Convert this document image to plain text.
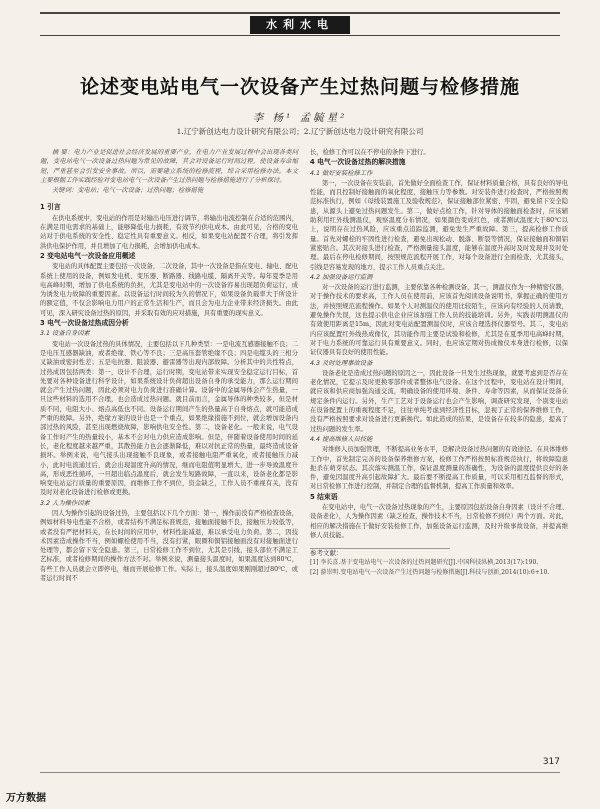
水利水电
论述变电站电气一次设备产生过热问题与检修措施
李 杨¹ 孟毓星²
1.辽宁新创达电力设计研究有限公司；2.辽宁新创达电力设计研究有限公司

摘 要：电力产业是促进社会经济发展的重要产业，在电力产业发展过程中会出现各类问题，变电站电气一次设备过热问题为常见的故障，其会对设备运行时间过程，使设备寿命缩短，严重甚至会引发安全事故。所以，需要建立系统的检修流程，综合采用检修办法。本文主要根据工作实践经验对变电站电气一次设备产生过热问题与检修措施进行了分析探讨。

关键词：变电站；电气一次设备；过热问题；检修措施

1 引言

在供电系统中，变电站的作用是对输出电压进行调节，将输出电流控制在合适的范围内，在满足用电需求的基础上，能够降低电力损耗，有效节约供电成本。由此可见，合格的变电站对于供电系统的安全性、稳定性具有重要意义。相反，如果变电站配置不合理，将引发挥洪供电保护作用，并且增加了电力损耗，会增加供电成本。

2 变电站电气一次设备应用概述

变电站的具体配置主要包括一次设备，二次设备，其中一次设备是指在变电、输电、配电系统上使用的设备，例如发电机、变压器、断路器、线路电缆、隔离开关等。每年夏季是用电高峰时期，增加了供电系统的负担，尤其是变电站中的一次设备容易出现超负荷运行，成为诱发电力故障的重要因素。以设备运行时间较为久的情况下，如果设备负载率大于所设计的额定值，不仅会影响电力用户的正常生活和生产，而且会为电力企业带来经济损失。由此可见，深入研究设备过热的原因，并采取有效的应对措施，具有重要的现实意义。

3 电气一次设备过热成因分析

3.1 设备自身因素

变电站一次设备过热的具体情况，主要包括以下几种类型：一是电流互感器接触不良；二是电压互感器缺油，或者绝缘、铁心等不良；三是高压套管绝缘不良；四是电缆头的三相分叉缺油或密封性差；五是电抗器、阻波器、避雷器等出现内部故障。分析其中的共性特点，过热成因包括两类：第一，设计不合理，运行时期，变电站带来实现安全稳定运行目标，首先要对各种设备进行科学设计，如果系统设计负荷超出设备自身的承受能力，那么运行期间就会产生过热问题，因此必须对电力负荷进行准确计算。设备中的金属导体会产生热量，一旦这些材料的选用不合理，也会造成过热问题。就目前而言，金属导体的种类较多，但是材质不同，电阻大小、熔点高低也不同。设备运行期间产生的热量高于自身熔点，就可能造成严重的故障。另外，绝缘方案的设计也是一个重点，如果绝缘措施不到位，就会增加设备内部过热的风险，甚至出现燃烧故障，影响供电安全性。第二，设备老化。一般来说，电气设备工作时产生的热量较小，基本不会对电力供应造成影响。但是，伴随着设备使用时间的延长，老化程度越来越严重，其散热能力也会逐渐降低，难以对抗正常的热量，最终造成设备损坏。举例来说，电气接头出现接触不良现象，或者接触电阻严重氧化，或者接触压力减小，此时电流通过后，就会出现温度升高的情况，继而电阻值明显增大，进一步导致温度升高，形成恶性循环，一旦超出临点温度后，就会发生短路故障，一直以来，设备老化都是影响变电站运行质量的重要原因，而维修工作不到位，资金缺乏，工作人员不重视有关，没有及时对老化设备进行检修或更换。

3.2 人为操作因素

因人为操作引起的设备过热，主要包括以下几个方面：第一，操作前没有严格检查设备，例如材料导电性能不合格，或者结构不满足标准规范，接触面接触不良，接触压力较低等，或者没有严把材料关，在长时间的应用中，材料性能减退，难以承受电力负荷。第二，因技术因素造成操作不当，例如螺栓使用不当，没有打紧，眼圈和铜铝接触面没有对接触面进行处理等，都会留下安全隐患。第三，日常检修工作不到位，尤其是引线，接头部位不满足工艺标准，或者检修期间的操作方法不对。举例来说，测量接头温度时，如果温度达到80℃，有些工作人员就会立即停电，继而开展检修工作。实际上，接头温度如果刚刚超过80℃，或者运行时间不

长，检修工作可以在不停电的条件下进行。

4 电气一次设备过热的解决措施

4.1 做好安装检修工作

第一，一次设备在安装前，首先做好全面检查工作，保证材料质量合格，具有良好的导电性能，而且控制好接触面的氧化程度，接触压力等参数。对安装件进行检查时，严格按照规范标准执行，例如《母线装置施工及验收规范》，保证接触部位紧密、牢固，避免留下安全隐患，从源头上避免过热问题发生。第二，做好点检工作，针对导体的接触面检查时，应该辅助利用红外线测温仪，观察温度分布情况，如果颜色变成红色，或者测试温度大于80℃以上，说明存在过热风险，应该重点追踪监测，避免发生严重故障。第三，提高检修工作质量。首先对螺栓的牢固性进行检查，避免出现松动、脱落、断裂等情况，保证接触面和铜铝紧密贴合。其次对接头进行检查，严格测量接头温度，能够在温度升高时及时发现并及时处理。最后在停电检修期间，按照规范流程开展工作，对每个设备进行全面检查，尤其接头，引线是容易发现的地方，提示工作人员重点关注。

4.2 加强设备运行监测

对一次设备的运行进行监测，主要依靠各种检测设备，其一，测温仪作为一种精密仪器，对于操作技术的要求高，工作人员在使用前，应该首先阅读设备说明书，掌握正确的使用方法，并按照规范流程操作。如果个人对测温仪的使用比较陌生，应该向有经验的人员请教，避免操作失误，这也提示供电企业应该加强工作人员的技能培训。另外，实践表明测温仪的有效使用距离是15m，因此对变电站配置测温仪时，应该合理选择仪器型号。其二，变电站内应该配置红外线热成像仪，其功能作用主要是试验和检修，尤其是在夏季用电高峰时期，对于电力系统的可靠运行具有重要意义。同时，也应该定期对热成像仪本身进行检修，以保证仪器具有良好的使用性能。

4.3 及时处理事故设备

设备老化是造成过热问题的原因之一，因此设备一旦发生过热现象，就要考虑到是否存在老化情况，它提示及时更换零部件或者整体电气设备。在这个过程中，变电站在设计期间，就应该和供应商加强沟通交流，明确设备的使用环境、条件、寿命等因素，从而保证设备在规定条件内运行。另外，生产工艺对于设备运行也会产生影响，调查研究发现，个别变电站在设备配置上的重视程度不足，往往单纯考虑到经济性目标，忽视了正常的保养维修工作，没有严格按照要求对设备进行更新换代。如此造成的结果，是设备存在较多的隐患，提高了过热问题的发生率。

4.4 提高维修人员技能

对维修人员加强管理，不断提高业务水平，是解决设备过热问题的有效途径。在具体维修工作中，首先制定完善的设备保养维修方案，检修工作严格按照标准规范执行，将故障隐患扼杀在萌芽状态。其次落实测温工作，保证温度测量的准确性，为设备的温度提供良好的条件，避免因温度升高引起故障扩大。最后要不断提高工作质量，可以采用相互监督的形式，对日常检修工作进行控制，并制定合理的监督机制，提高工作质量和效率。

5 结束语

在变电站中，电气一次设备过热现象的产生，主要原因包括设备自身因素（设计不合理、设备老化），人为操作因素（缺乏检查，操作技术不当，日常检修不到位）两个方面。对此，相应的解决措施在于做好安装检修工作，加强设备运行监测，及时升级事故设备，并提高维修人员技能。

参考文献：

[1] 李长喜.基于变电站电气一次设备的过热问题研究[J].中国科技纵横,2013(17):190.

[2] 游崇明.变电站电气一次设备产生过热问题与检修措施[J].科技与创新,2014(10):6+10.

317
万方数据
